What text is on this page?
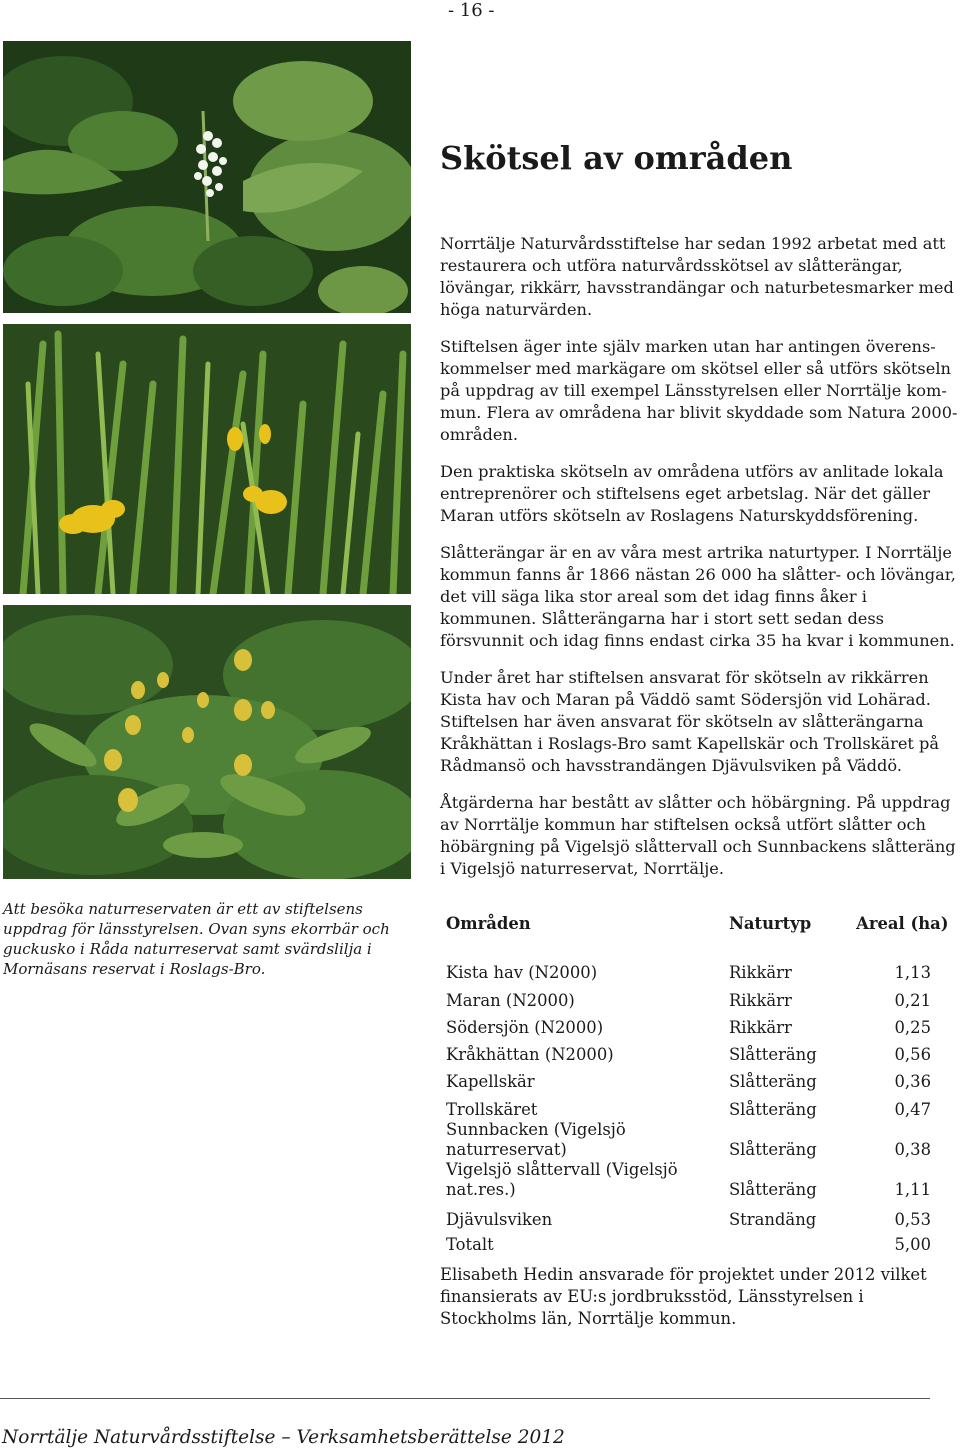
- 16 -
Att besöka naturreservaten är ett av stiftelsens uppdrag för länsstyrelsen. Ovan syns ekorrbär och guckusko i Råda naturreservat samt svärdslilja i Mornäsans reservat i Roslags-Bro.
Skötsel av områden

Norrtälje Naturvårdsstiftelse har sedan 1992 arbetat med att restaurera och utföra naturvårdsskötsel av slåtterängar, lövängar, rikkärr, havsstrandängar och naturbetesmarker med höga naturvärden.

Stiftelsen äger inte själv marken utan har antingen överens-kommelser med markägare om skötsel eller så utförs skötseln på uppdrag av till exempel Länsstyrelsen eller Norrtälje kom-mun. Flera av områdena har blivit skyddade som Natura 2000-områden.

Den praktiska skötseln av områdena utförs av anlitade lokala entreprenörer och stiftelsens eget arbetslag. När det gäller Maran utförs skötseln av Roslagens Naturskyddsförening.

Slåtterängar är en av våra mest artrika naturtyper. I Norrtälje kommun fanns år 1866 nästan 26 000 ha slåtter- och lövängar, det vill säga lika stor areal som det idag finns åker i kommunen. Slåtterängarna har i stort sett sedan dess försvunnit och idag finns endast cirka 35 ha kvar i kommunen.

Under året har stiftelsen ansvarat för skötseln av rikkärren Kista hav och Maran på Väddö samt Södersjön vid Lohärad. Stiftelsen har även ansvarat för skötseln av slåtterängarna Kråkhättan i Roslags-Bro samt Kapellskär och Trollskäret på Rådmansö och havsstrandängen Djävulsviken på Väddö.

Åtgärderna har bestått av slåtter och höbärgning. På uppdrag av Norrtälje kommun har stiftelsen också utfört slåtter och höbärgning på Vigelsjö slåttervall och Sunnbackens slåtteräng i Vigelsjö naturreservat, Norrtälje.

Områden	Naturtyp	Areal (ha)
Kista hav (N2000)	Rikkärr	1,13
Maran (N2000)	Rikkärr	0,21
Södersjön (N2000)	Rikkärr	0,25
Kråkhättan (N2000)	Slåtteräng	0,56
Kapellskär	Slåtteräng	0,36
Trollskäret	Slåtteräng	0,47
Sunnbacken (Vigelsjö naturreservat)	Slåtteräng	0,38
Vigelsjö slåttervall (Vigelsjö nat.res.)	Slåtteräng	1,11
Djävulsviken	Strandäng	0,53
Totalt		5,00

Elisabeth Hedin ansvarade för projektet under 2012 vilket finansierats av EU:s jordbruksstöd, Länsstyrelsen i Stockholms län, Norrtälje kommun.

Norrtälje Naturvårdsstiftelse – Verksamhetsberättelse 2012
